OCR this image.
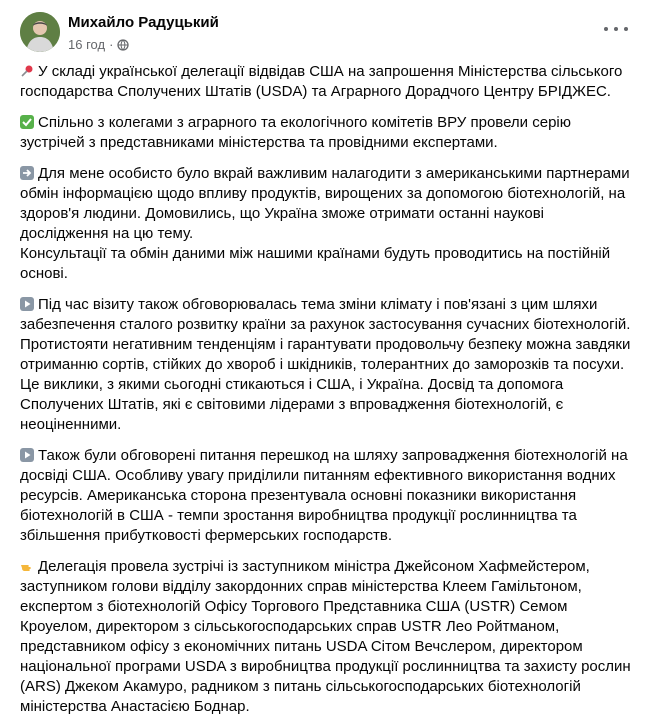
Михайло Радуцький
16 год ·

У складі української делегації відвідав США на запрошення Міністерства сільського господарства Сполучених Штатів (USDA) та Аграрного Дорадчого Центру БРІДЖЕС.

Спільно з колегами з аграрного та екологічного комітетів ВРУ провели серію зустрічей з представниками міністерства та провідними експертами.

Для мене особисто було вкрай важливим налагодити з американськими партнерами обмін інформацією щодо впливу продуктів, вирощених за допомогою біотехнологій, на здоров'я людини. Домовились, що Україна зможе отримати останні наукові дослідження на цю тему.
Консультації та обмін даними між нашими країнами будуть проводитись на постійній основі.

Під час візиту також обговорювалась тема зміни клімату і пов'язані з цим шляхи забезпечення сталого розвитку країни за рахунок застосування сучасних біотехнологій. Протистояти негативним тенденціям і гарантувати продовольчу безпеку можна завдяки отриманню сортів, стійких до хвороб і шкідників, толерантних до заморозків та посухи. Це виклики, з якими сьогодні стикаються і США, і Україна. Досвід та допомога Сполучених Штатів, які є світовими лідерами з впровадження біотехнологій, є неоціненними.

Також були обговорені питання перешкод на шляху запровадження біотехнологій на досвіді США. Особливу увагу приділили питанням ефективного використання водних ресурсів. Американська сторона презентувала основні показники використання біотехнологій в США - темпи зростання виробництва продукції рослинництва та збільшення прибутковості фермерських господарств.

Делегація провела зустрічі із заступником міністра Джейсоном Хафмейстером, заступником голови відділу закордонних справ міністерства Клеем Гамільтоном, експертом з біотехнологій Офісу Торгового Представника США (USTR) Семом Кроуелом, директором з сільськогосподарських справ USTR Лео Ройтманом, представником офісу з економічних питань USDA Сітом Вечслером, директором національної програми USDA з виробництва продукції рослинництва та захисту рослин (ARS) Джеком Акамуро, радником з питань сільськогосподарських біотехнологій міністерства Анастасією Боднар.
